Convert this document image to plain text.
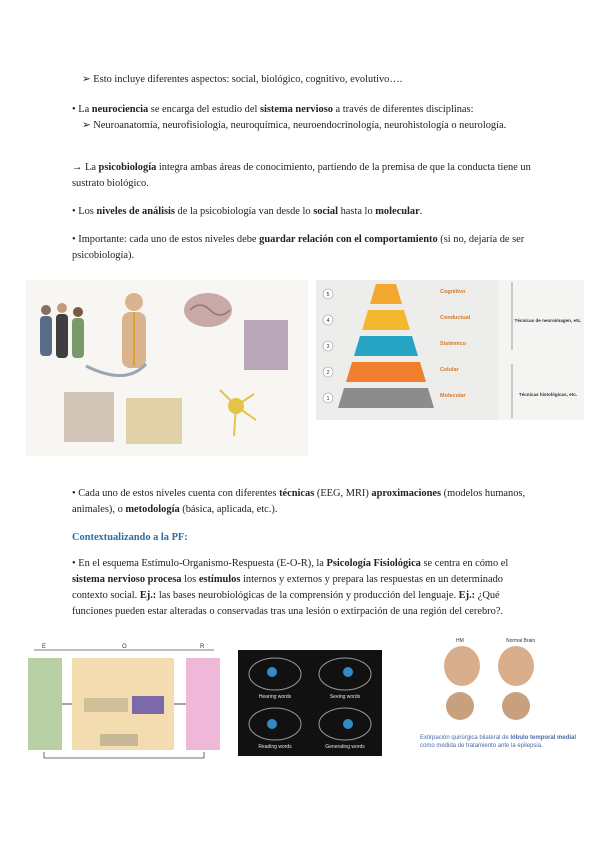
➢ Esto incluye diferentes aspectos: social, biológico, cognitivo, evolutivo….

• La neurociencia se encarga del estudio del sistema nervioso a través de diferentes disciplinas:
➢ Neuroanatomía, neurofisiología, neuroquímica, neuroendocrinología, neurohistología o neurología.

→ La psicobiología integra ambas áreas de conocimiento, partiendo de la premisa de que la conducta tiene un sustrato biológico.

• Los niveles de análisis de la psicobiología van desde lo social hasta lo molecular.

• Importante: cada uno de estos niveles debe guardar relación con el comportamiento (si no, dejaría de ser psicobiología).

5
4
3
2
1
Cognitivo
Conductual
Sistémico
Celular
Molecular
Técnicas de neuroimagen, etc.
Técnicas histológicas, etc.

• Cada uno de estos niveles cuenta con diferentes técnicas (EEG, MRI) aproximaciones (modelos humanos, animales), o metodología (básica, aplicada, etc.).

Contextualizando a la PF:

• En el esquema Estímulo-Organismo-Respuesta (E-O-R), la Psicología Fisiológica se centra en cómo el sistema nervioso procesa los estímulos internos y externos y prepara las respuestas en un determinado contexto social. Ej.: las bases neurobiológicas de la comprensión y producción del lenguaje. Ej.: ¿Qué funciones pueden estar alteradas o conservadas tras una lesión o extirpación de una región del cerebro?.

E	O	R
Hearing words	Seeing words
Reading words	Generating words
HM	Normal Brain

Extirpación quirúrgica bilateral de lóbulo temporal medial como medida de tratamiento ante la epilepsia.
